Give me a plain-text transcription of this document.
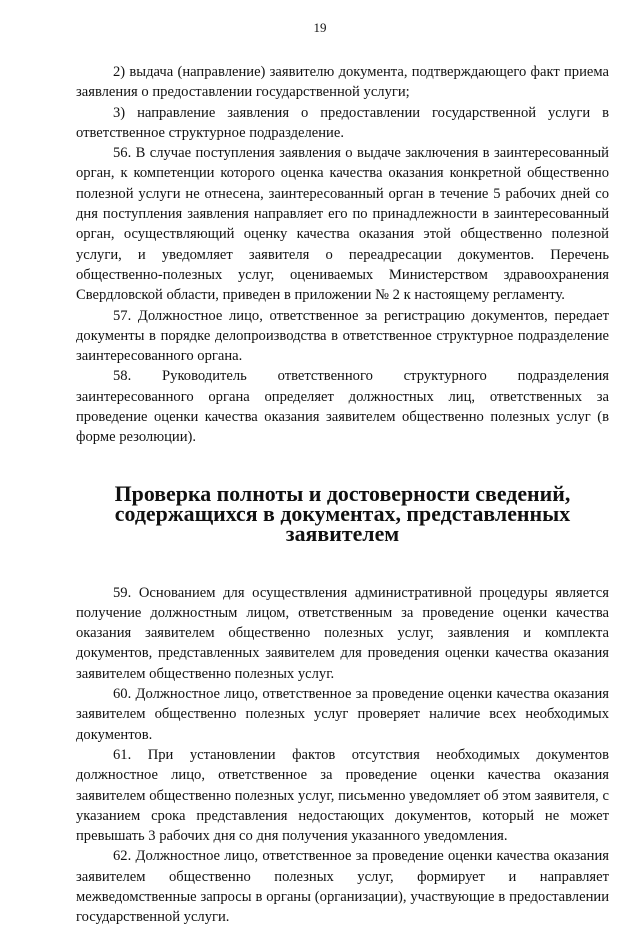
19

2) выдача (направление) заявителю документа, подтверждающего факт приема заявления о предоставлении государственной услуги;

3) направление заявления о предоставлении государственной услуги в ответственное структурное подразделение.

56. В случае поступления заявления о выдаче заключения в заинтересованный орган, к компетенции которого оценка качества оказания конкретной общественно полезной услуги не отнесена, заинтересованный орган в течение 5 рабочих дней со дня поступления заявления направляет его по принадлежности в заинтересованный орган, осуществляющий оценку качества оказания этой общественно полезной услуги, и уведомляет заявителя о переадресации документов. Перечень общественно-полезных услуг, оцениваемых Министерством здравоохранения Свердловской области, приведен в приложении № 2 к настоящему регламенту.

57. Должностное лицо, ответственное за регистрацию документов, передает документы в порядке делопроизводства в ответственное структурное подразделение заинтересованного органа.

58. Руководитель ответственного структурного подразделения заинтересованного органа определяет должностных лиц, ответственных за проведение оценки качества оказания заявителем общественно полезных услуг (в форме резолюции).

Проверка полноты и достоверности сведений, содержащихся в документах, представленных заявителем

59. Основанием для осуществления административной процедуры является получение должностным лицом, ответственным за проведение оценки качества оказания заявителем общественно полезных услуг, заявления и комплекта документов, представленных заявителем для проведения оценки качества оказания заявителем общественно полезных услуг.

60. Должностное лицо, ответственное за проведение оценки качества оказания заявителем общественно полезных услуг проверяет наличие всех необходимых документов.

61. При установлении фактов отсутствия необходимых документов должностное лицо, ответственное за проведение оценки качества оказания заявителем общественно полезных услуг, письменно уведомляет об этом заявителя, с указанием срока представления недостающих документов, который не может превышать 3 рабочих дня со дня получения указанного уведомления.

62. Должностное лицо, ответственное за проведение оценки качества оказания заявителем общественно полезных услуг, формирует и направляет межведомственные запросы в органы (организации), участвующие в предоставлении государственной услуги.
